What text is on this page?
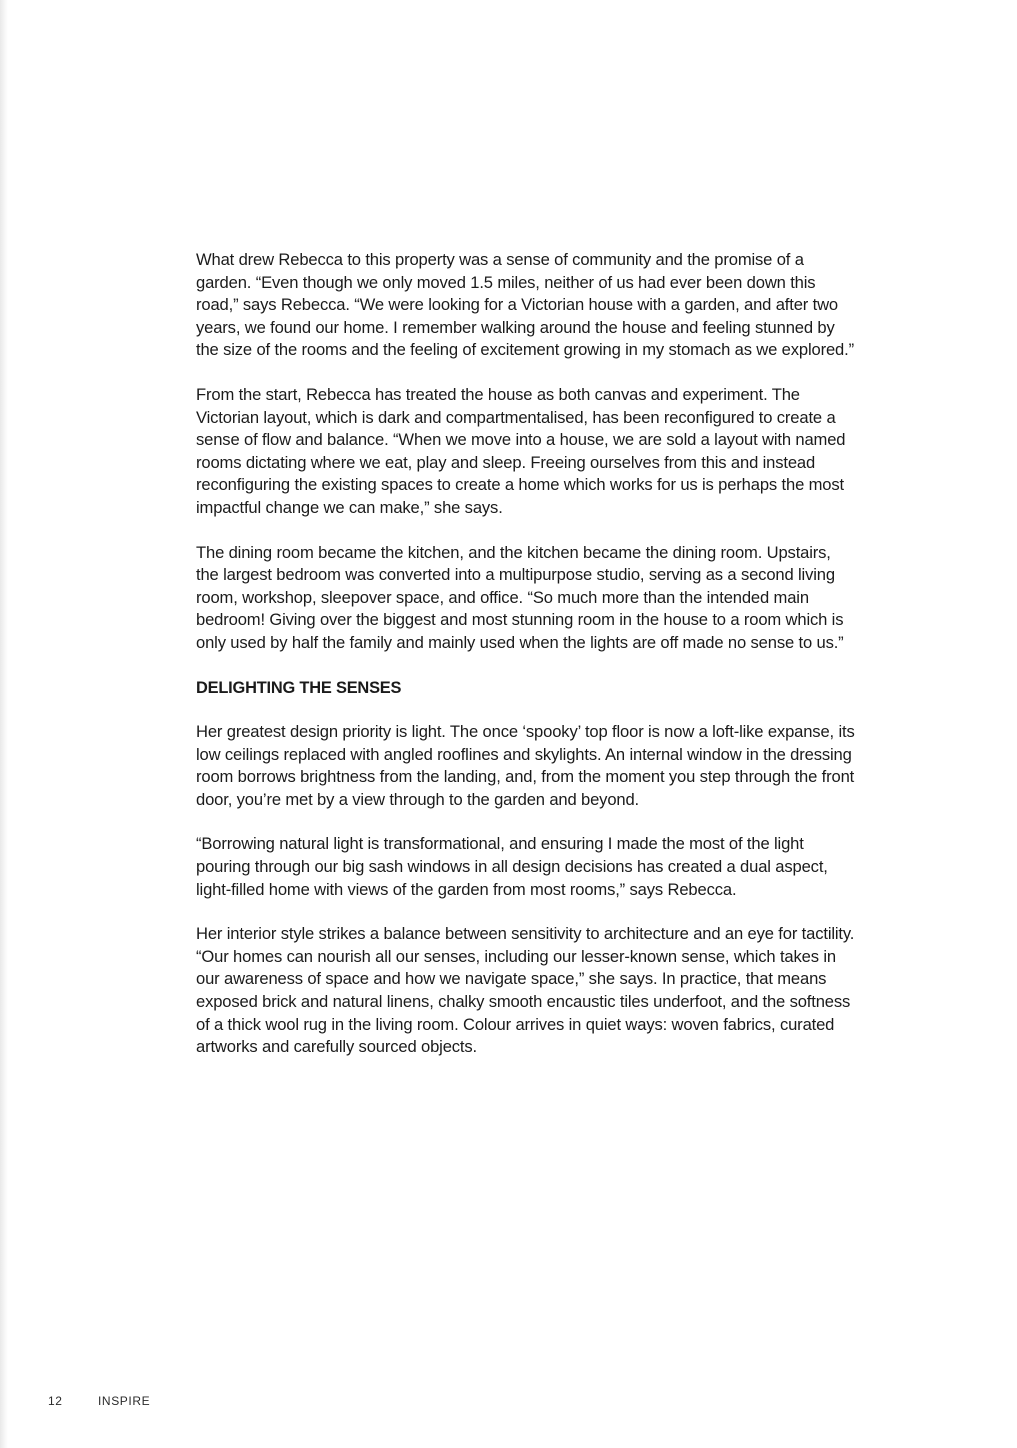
What drew Rebecca to this property was a sense of community and the promise of a garden. “Even though we only moved 1.5 miles, neither of us had ever been down this road,” says Rebecca. “We were looking for a Victorian house with a garden, and after two years, we found our home. I remember walking around the house and feeling stunned by the size of the rooms and the feeling of excitement growing in my stomach as we explored.”

From the start, Rebecca has treated the house as both canvas and experiment. The Victorian layout, which is dark and compartmentalised, has been reconfigured to create a sense of flow and balance. “When we move into a house, we are sold a layout with named rooms dictating where we eat, play and sleep. Freeing ourselves from this and instead reconfiguring the existing spaces to create a home which works for us is perhaps the most impactful change we can make,” she says.

The dining room became the kitchen, and the kitchen became the dining room. Upstairs, the largest bedroom was converted into a multipurpose studio, serving as a second living room, workshop, sleepover space, and office. “So much more than the intended main bedroom! Giving over the biggest and most stunning room in the house to a room which is only used by half the family and mainly used when the lights are off made no sense to us.”

DELIGHTING THE SENSES

Her greatest design priority is light. The once ‘spooky’ top floor is now a loft-like expanse, its low ceilings replaced with angled rooflines and skylights. An internal window in the dressing room borrows brightness from the landing, and, from the moment you step through the front door, you’re met by a view through to the garden and beyond.

“Borrowing natural light is transformational, and ensuring I made the most of the light pouring through our big sash windows in all design decisions has created a dual aspect, light-filled home with views of the garden from most rooms,” says Rebecca.

Her interior style strikes a balance between sensitivity to architecture and an eye for tactility. “Our homes can nourish all our senses, including our lesser-known sense, which takes in our awareness of space and how we navigate space,” she says. In practice, that means exposed brick and natural linens, chalky smooth encaustic tiles underfoot, and the softness of a thick wool rug in the living room. Colour arrives in quiet ways: woven fabrics, curated artworks and carefully sourced objects.

12	INSPIRE
